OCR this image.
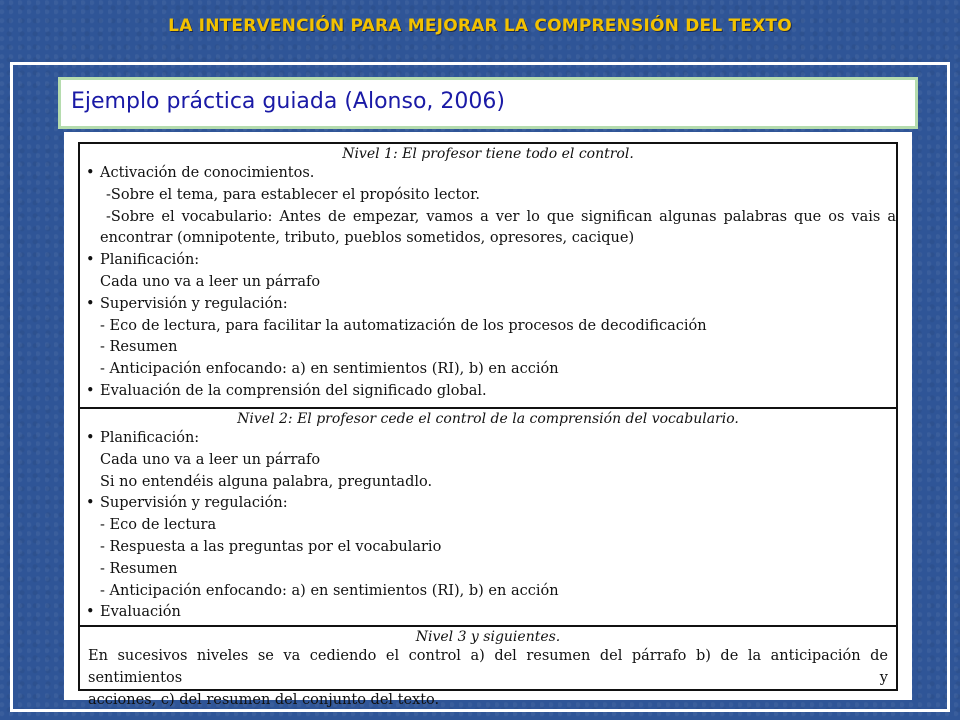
LA INTERVENCIÓN PARA MEJORAR LA COMPRENSIÓN DEL TEXTO
Ejemplo práctica guiada (Alonso, 2006)
Nivel 1: El profesor tiene todo el control.
• Activación de conocimientos.
-Sobre el tema, para establecer el propósito lector.
-Sobre el vocabulario: Antes de empezar, vamos a ver lo que significan algunas palabras que os vais a
encontrar (omnipotente, tributo, pueblos sometidos, opresores, cacique)
• Planificación:
Cada uno va a leer un párrafo
• Supervisión y regulación:
- Eco de lectura, para facilitar la automatización de los procesos de decodificación
- Resumen
- Anticipación enfocando: a) en sentimientos (RI), b) en acción
• Evaluación de la comprensión del significado global.
Nivel 2: El profesor cede el control de la comprensión del vocabulario.
• Planificación:
Cada uno va a leer un párrafo
Si no entendéis alguna palabra, preguntadlo.
• Supervisión y regulación:
- Eco de lectura
- Respuesta a las preguntas por el vocabulario
- Resumen
- Anticipación enfocando: a) en sentimientos (RI), b) en acción
• Evaluación
Nivel 3 y siguientes.
En sucesivos niveles se va cediendo el control a) del resumen del párrafo b) de la anticipación de sentimientos y
acciones, c) del resumen del conjunto del texto.
